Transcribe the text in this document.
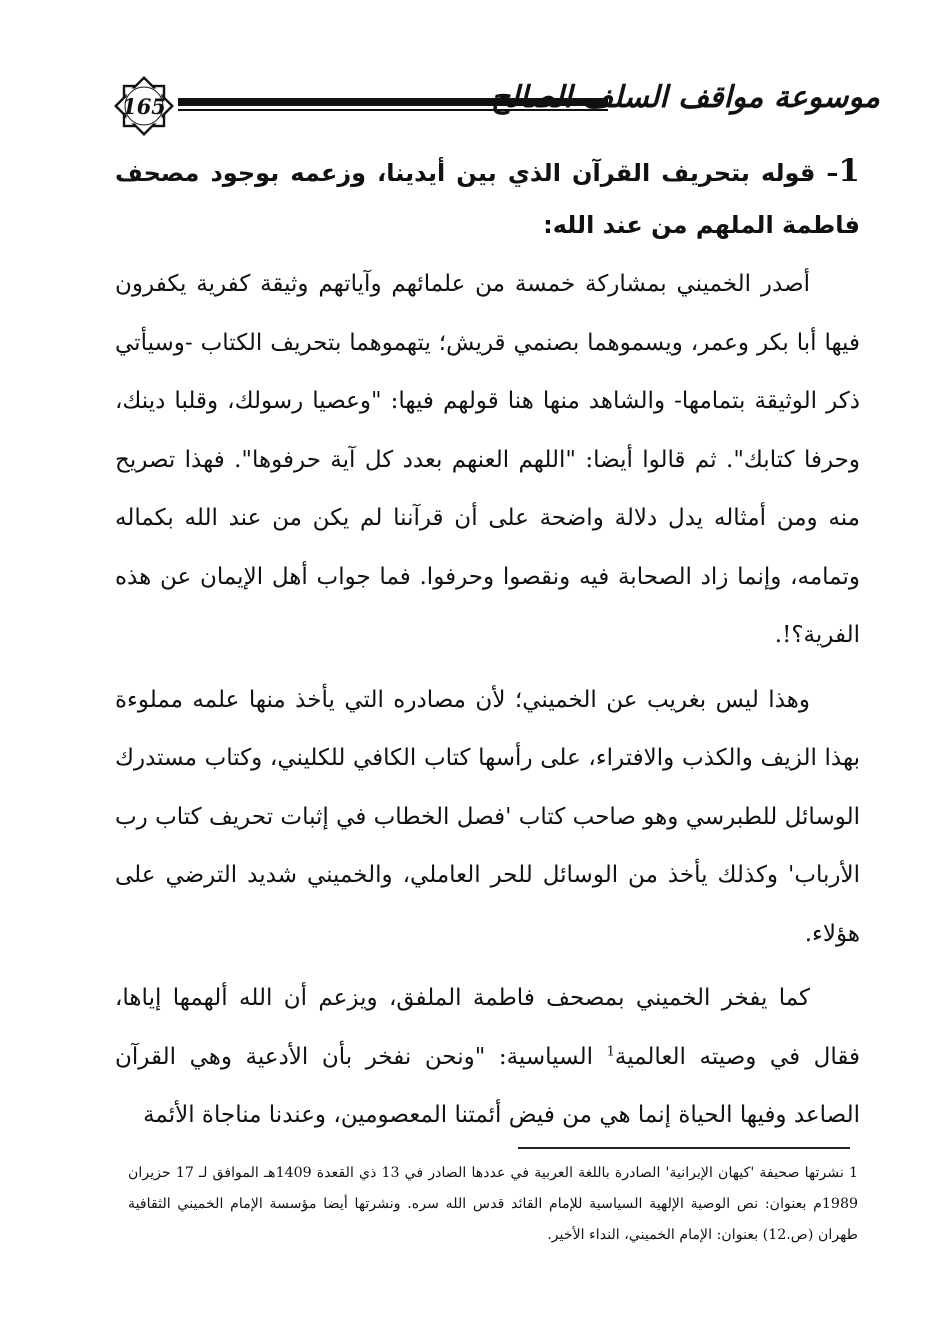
165	موسوعة مواقف السلف الصالح
1– قوله بتحريف القرآن الذي بين أيدينا، وزعمه بوجود مصحف فاطمة الملهم من عند الله:

أصدر الخميني بمشاركة خمسة من علمائهم وآياتهم وثيقة كفرية يكفرون فيها أبا بكر وعمر، ويسموهما بصنمي قريش؛ يتهموهما بتحريف الكتاب -وسيأتي ذكر الوثيقة بتمامها- والشاهد منها هنا قولهم فيها: "وعصيا رسولك، وقلبا دينك، وحرفا كتابك". ثم قالوا أيضا: "اللهم العنهم بعدد كل آية حرفوها". فهذا تصريح منه ومن أمثاله يدل دلالة واضحة على أن قرآننا لم يكن من عند الله بكماله وتمامه، وإنما زاد الصحابة فيه ونقصوا وحرفوا. فما جواب أهل الإيمان عن هذه الفرية؟!.

وهذا ليس بغريب عن الخميني؛ لأن مصادره التي يأخذ منها علمه مملوءة بهذا الزيف والكذب والافتراء، على رأسها كتاب الكافي للكليني، وكتاب مستدرك الوسائل للطبرسي وهو صاحب كتاب 'فصل الخطاب في إثبات تحريف كتاب رب الأرباب' وكذلك يأخذ من الوسائل للحر العاملي، والخميني شديد الترضي على هؤلاء.

كما يفخر الخميني بمصحف فاطمة الملفق، ويزعم أن الله ألهمها إياها، فقال في وصيته العالمية$^1$ السياسية: "ونحن نفخر بأن الأدعية وهي القرآن الصاعد وفيها الحياة إنما هي من فيض أئمتنا المعصومين، وعندنا مناجاة الأئمة

1 نشرتها صحيفة 'كيهان الإيرانية' الصادرة باللغة العربية في عددها الصادر في 13 ذي القعدة 1409هـ الموافق لـ 17 حزيران 1989م بعنوان: نص الوصية الإلهية السياسية للإمام القائد قدس الله سره. ونشرتها أيضا مؤسسة الإمام الخميني الثقافية طهران (ص.12) بعنوان: الإمام الخميني، النداء الأخير.
